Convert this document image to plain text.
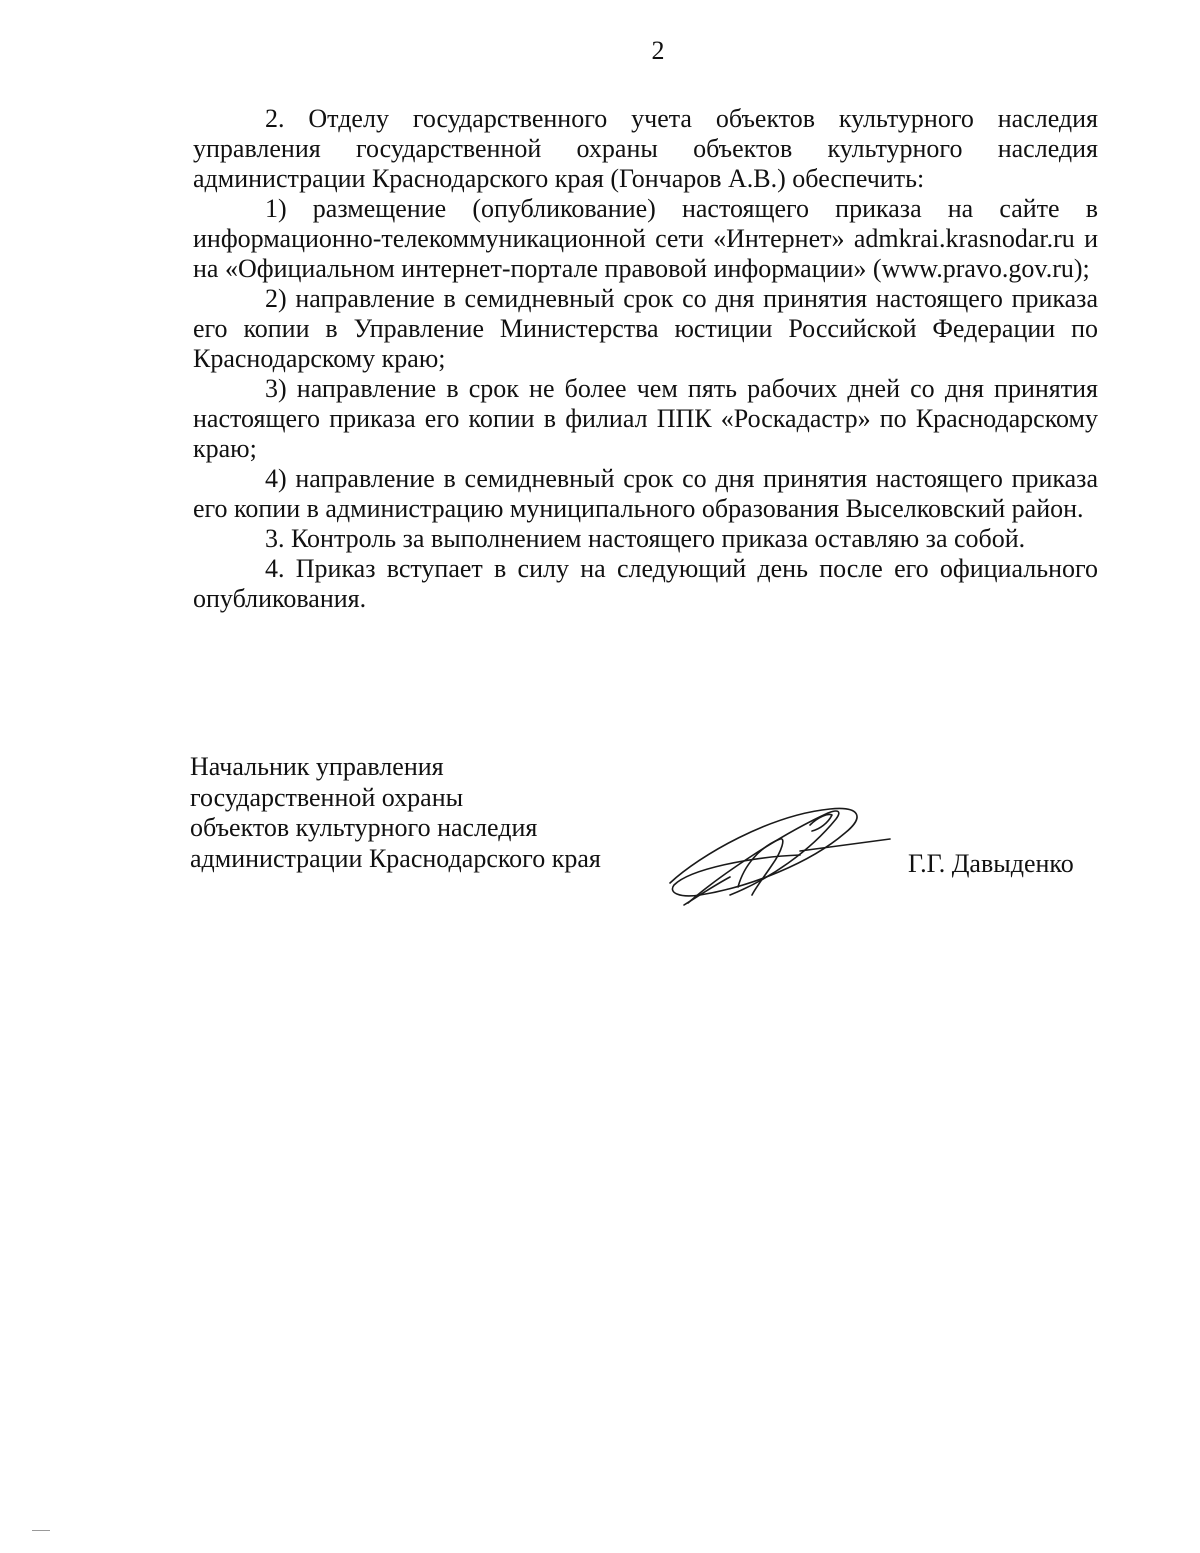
2

2. Отделу государственного учета объектов культурного наследия управления государственной охраны объектов культурного наследия администрации Краснодарского края (Гончаров А.В.) обеспечить:

1) размещение (опубликование) настоящего приказа на сайте в информационно-телекоммуникационной сети «Интернет» admkrai.krasnodar.ru и на «Официальном интернет-портале правовой информации» (www.pravo.gov.ru);

2) направление в семидневный срок со дня принятия настоящего приказа его копии в Управление Министерства юстиции Российской Федерации по Краснодарскому краю;

3) направление в срок не более чем пять рабочих дней со дня принятия настоящего приказа его копии в филиал ППК «Роскадастр» по Краснодарскому краю;

4) направление в семидневный срок со дня принятия настоящего приказа его копии в администрацию муниципального образования Выселковский район.

3. Контроль за выполнением настоящего приказа оставляю за собой.

4. Приказ вступает в силу на следующий день после его официального опубликования.

Начальник управления
государственной охраны
объектов культурного наследия
администрации Краснодарского края	Г.Г. Давыденко
